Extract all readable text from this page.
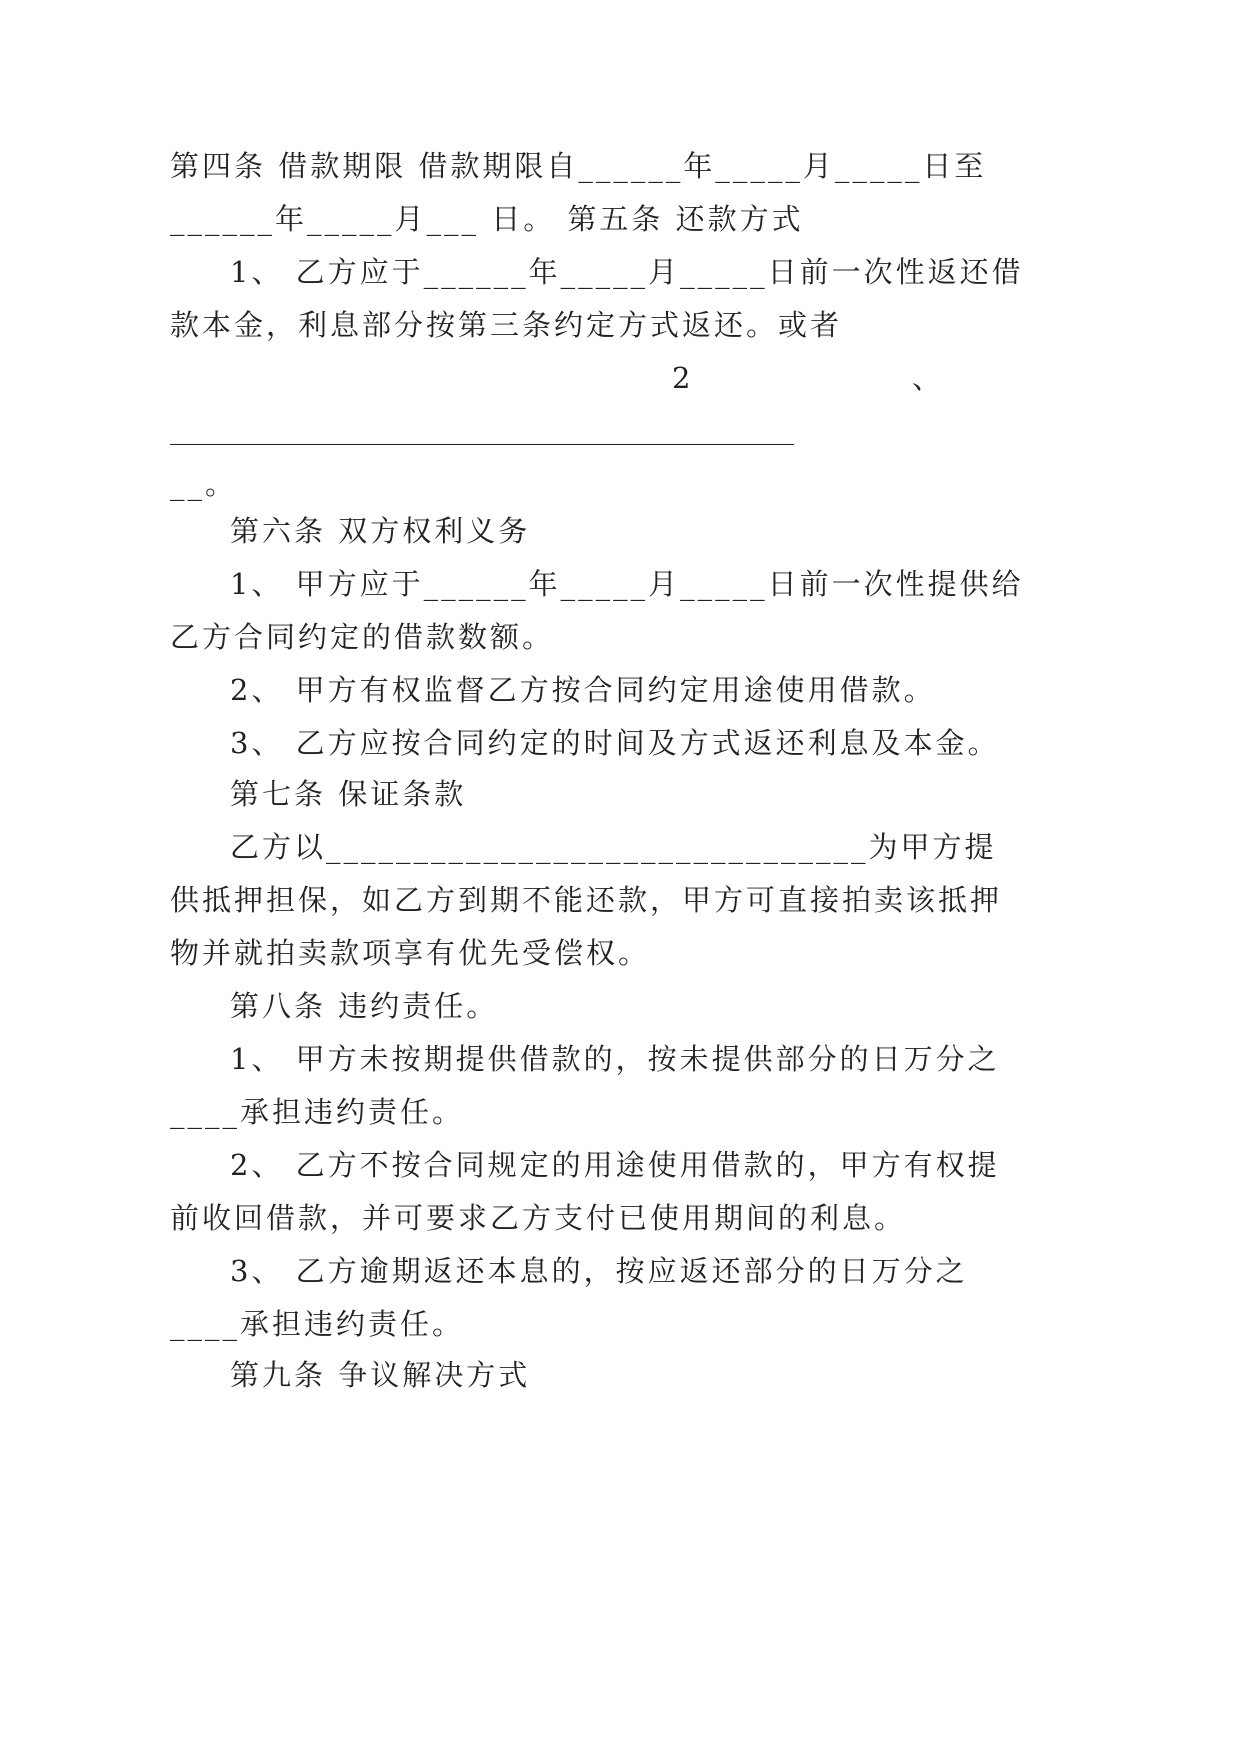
第四条 借款期限 借款期限自______年_____月_____日至
______年_____月___ 日。 第五条 还款方式
1、 乙方应于______年_____月_____日前一次性返还借
款本金，利息部分按第三条约定方式返还。或者
2	、
________________________________________________
__。
第六条 双方权利义务
1、 甲方应于______年_____月_____日前一次性提供给
乙方合同约定的借款数额。
2、 甲方有权监督乙方按合同约定用途使用借款。
3、 乙方应按合同约定的时间及方式返还利息及本金。
第七条 保证条款
乙方以_______________________________为甲方提
供抵押担保，如乙方到期不能还款，甲方可直接拍卖该抵押
物并就拍卖款项享有优先受偿权。
第八条 违约责任。
1、 甲方未按期提供借款的，按未提供部分的日万分之
____承担违约责任。
2、 乙方不按合同规定的用途使用借款的，甲方有权提
前收回借款，并可要求乙方支付已使用期间的利息。
3、 乙方逾期返还本息的，按应返还部分的日万分之
____承担违约责任。
第九条 争议解决方式
